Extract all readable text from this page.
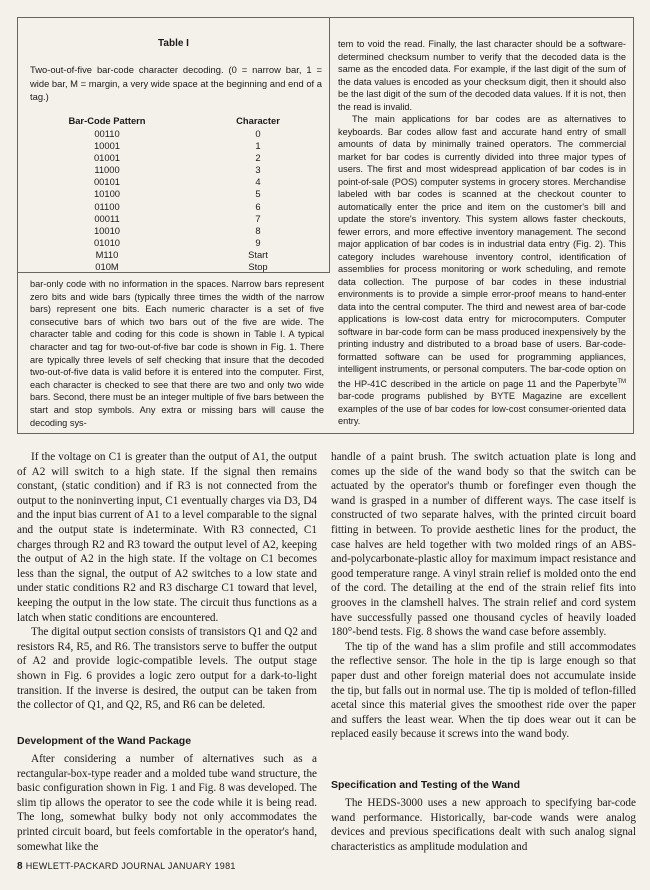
Table I
Two-out-of-five bar-code character decoding. (0 = narrow bar, 1 = wide bar, M = margin, a very wide space at the beginning and end of a tag.)
Bar-Code Pattern	Character
00110
10001
01001
11000
00101
10100
01100
00011
10010
01010
M110
010M
0
1
2
3
4
5
6
7
8
9
Start
Stop
bar-only code with no information in the spaces. Narrow bars represent zero bits and wide bars (typically three times the width of the narrow bars) represent one bits. Each numeric character is a set of five consecutive bars of which two bars out of the five are wide. The character table and coding for this code is shown in Table I. A typical character and tag for two-out-of-five bar code is shown in Fig. 1. There are typically three levels of self checking that insure that the decoded two-out-of-five data is valid before it is entered into the computer. First, each character is checked to see that there are two and only two wide bars. Second, there must be an integer multiple of five bars between the start and stop symbols. Any extra or missing bars will cause the decoding sys-
tem to void the read. Finally, the last character should be a software-determined checksum number to verify that the decoded data is the same as the encoded data. For example, if the last digit of the sum of the data values is encoded as your checksum digit, then it should also be the last digit of the sum of the decoded data values. If it is not, then the read is invalid.
The main applications for bar codes are as alternatives to keyboards. Bar codes allow fast and accurate hand entry of small amounts of data by minimally trained operators. The commercial market for bar codes is currently divided into three major types of users. The first and most widespread application of bar codes is in point-of-sale (POS) computer systems in grocery stores. Merchandise labeled with bar codes is scanned at the checkout counter to automatically enter the price and item on the customer's bill and update the store's inventory. This system allows faster checkouts, fewer errors, and more effective inventory management. The second major application of bar codes is in industrial data entry (Fig. 2). This category includes warehouse inventory control, identification of assemblies for process monitoring or work scheduling, and remote data collection. The purpose of bar codes in these industrial environments is to provide a simple error-proof means to hand-enter data into the central computer. The third and newest area of bar-code applications is low-cost data entry for microcomputers. Computer software in bar-code form can be mass produced inexpensively by the printing industry and distributed to a broad base of users. Bar-code-formatted software can be used for programming appliances, intelligent instruments, or personal computers. The bar-code option on the HP-41C described in the article on page 11 and the Paperbyte™ bar-code programs published by BYTE Magazine are excellent examples of the use of bar codes for low-cost consumer-oriented data entry.
If the voltage on C1 is greater than the output of A1, the output of A2 will switch to a high state. If the signal then remains constant, (static condition) and if R3 is not connected from the output to the noninverting input, C1 eventually charges via D3, D4 and the input bias current of A1 to a level comparable to the signal and the output state is indeterminate. With R3 connected, C1 charges through R2 and R3 toward the output level of A2, keeping the output of A2 in the high state. If the voltage on C1 becomes less than the signal, the output of A2 switches to a low state and under static conditions R2 and R3 discharge C1 toward that level, keeping the output in the low state. The circuit thus functions as a latch when static conditions are encountered.
The digital output section consists of transistors Q1 and Q2 and resistors R4, R5, and R6. The transistors serve to buffer the output of A2 and provide logic-compatible levels. The output stage shown in Fig. 6 provides a logic zero output for a dark-to-light transition. If the inverse is desired, the output can be taken from the collector of Q1, and Q2, R5, and R6 can be deleted.
Development of the Wand Package
After considering a number of alternatives such as a rectangular-box-type reader and a molded tube wand structure, the basic configuration shown in Fig. 1 and Fig. 8 was developed. The slim tip allows the operator to see the code while it is being read. The long, somewhat bulky body not only accommodates the printed circuit board, but feels comfortable in the operator's hand, somewhat like the
handle of a paint brush. The switch actuation plate is long and comes up the side of the wand body so that the switch can be actuated by the operator's thumb or forefinger even though the wand is grasped in a number of different ways. The case itself is constructed of two separate halves, with the printed circuit board fitting in between. To provide aesthetic lines for the product, the case halves are held together with two molded rings of an ABS-and-polycarbonate-plastic alloy for maximum impact resistance and good temperature range. A vinyl strain relief is molded onto the end of the cord. The detailing at the end of the strain relief fits into grooves in the clamshell halves. The strain relief and cord system have successfully passed one thousand cycles of heavily loaded 180°-bend tests. Fig. 8 shows the wand case before assembly.
The tip of the wand has a slim profile and still accommodates the reflective sensor. The hole in the tip is large enough so that paper dust and other foreign material does not accumulate inside the tip, but falls out in normal use. The tip is molded of teflon-filled acetal since this material gives the smoothest ride over the paper and suffers the least wear. When the tip does wear out it can be replaced easily because it screws into the wand body.
Specification and Testing of the Wand
The HEDS-3000 uses a new approach to specifying bar-code wand performance. Historically, bar-code wands were analog devices and previous specifications dealt with such analog signal characteristics as amplitude modulation and
8 HEWLETT-PACKARD JOURNAL JANUARY 1981
